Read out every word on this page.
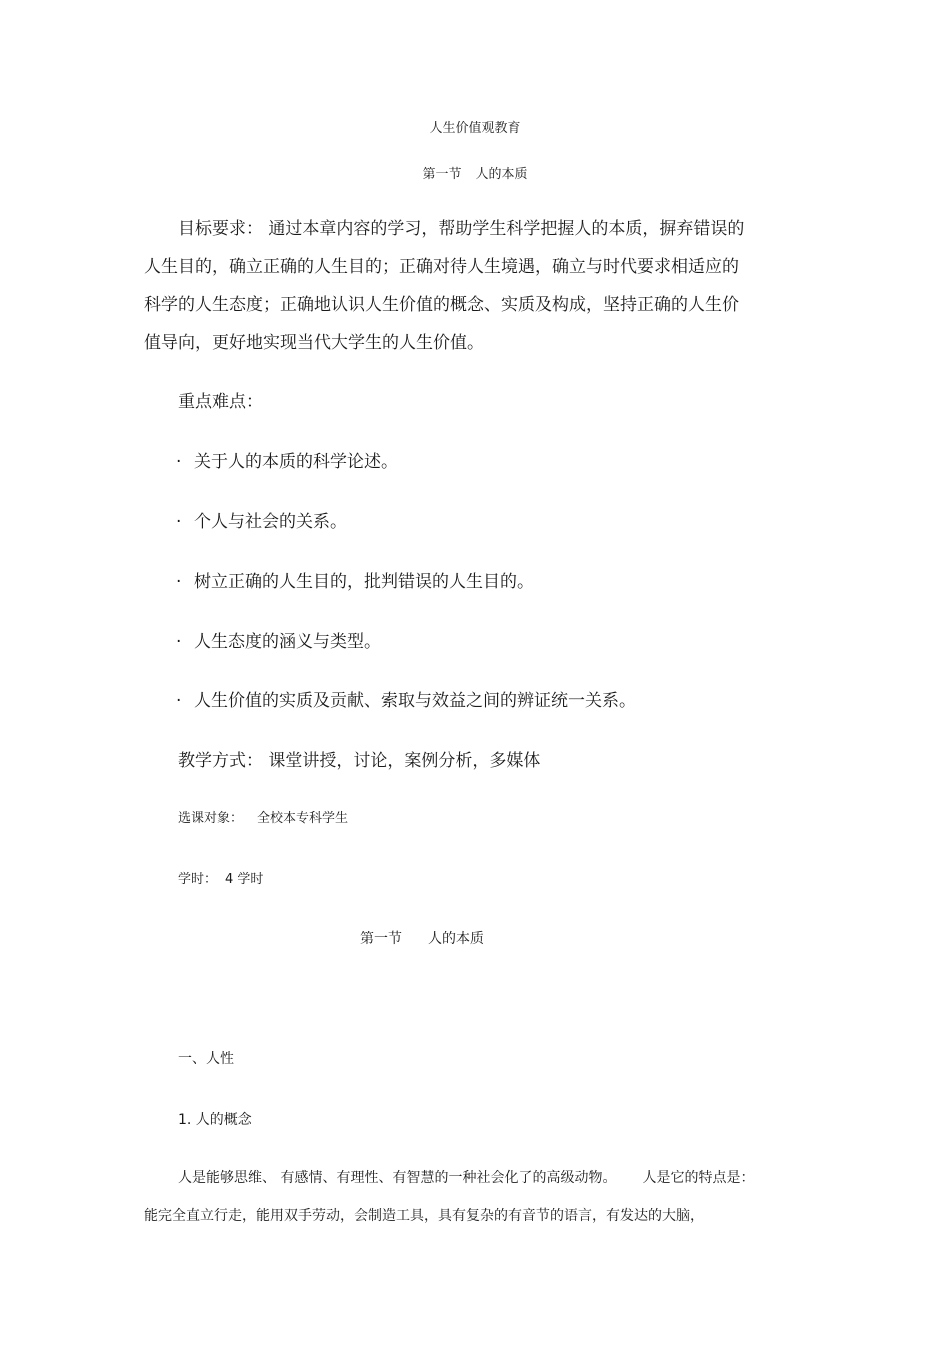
人生价值观教育
第一节 人的本质
目标要求： 通过本章内容的学习，帮助学生科学把握人的本质，摒弃错误的
人生目的，确立正确的人生目的；正确对待人生境遇，确立与时代要求相适应的
科学的人生态度；正确地认识人生价值的概念、实质及构成，坚持正确的人生价
值导向，更好地实现当代大学生的人生价值。
重点难点：
· 关于人的本质的科学论述。
· 个人与社会的关系。
· 树立正确的人生目的，批判错误的人生目的。
· 人生态度的涵义与类型。
· 人生价值的实质及贡献、索取与效益之间的辨证统一关系。
教学方式： 课堂讲授，讨论，案例分析，多媒体
选课对象： 全校本专科学生
学时： 4 学时
第一节 人的本质
一、人性
1. 人的概念
人是能够思维、 有感情、有理性、有智慧的一种社会化了的高级动物。 人是它的特点是：
能完全直立行走，能用双手劳动，会制造工具，具有复杂的有音节的语言，有发达的大脑，
